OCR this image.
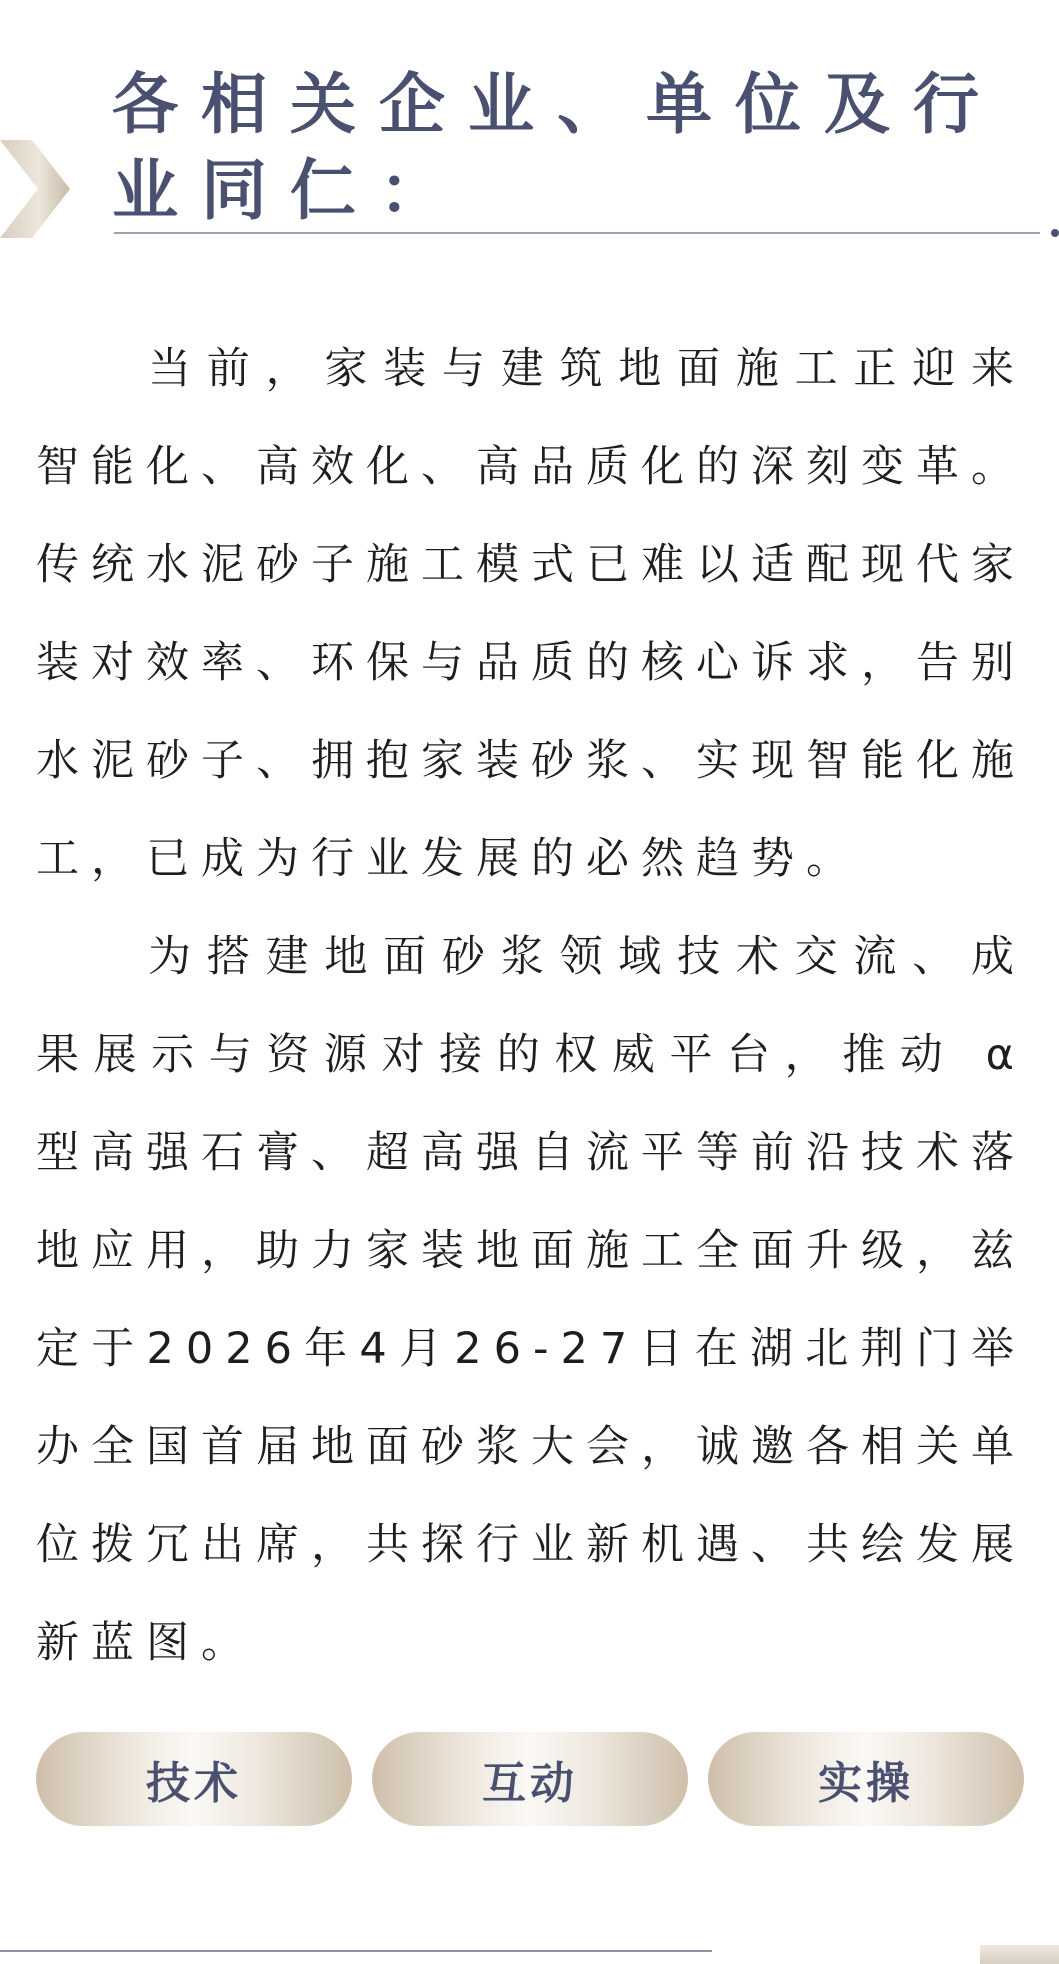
各相关企业、单位及行业同仁：

当前，家装与建筑地面施工正迎来智能化、高效化、高品质化的深刻变革。传统水泥砂子施工模式已难以适配现代家装对效率、环保与品质的核心诉求，告别水泥砂子、拥抱家装砂浆、实现智能化施工，已成为行业发展的必然趋势。

为搭建地面砂浆领域技术交流、成果展示与资源对接的权威平台，推动 α 型高强石膏、超高强自流平等前沿技术落地应用，助力家装地面施工全面升级，兹定于2026年4月26-27日在湖北荆门举办全国首届地面砂浆大会，诚邀各相关单位拨冗出席，共探行业新机遇、共绘发展新蓝图。

技术	互动	实操
